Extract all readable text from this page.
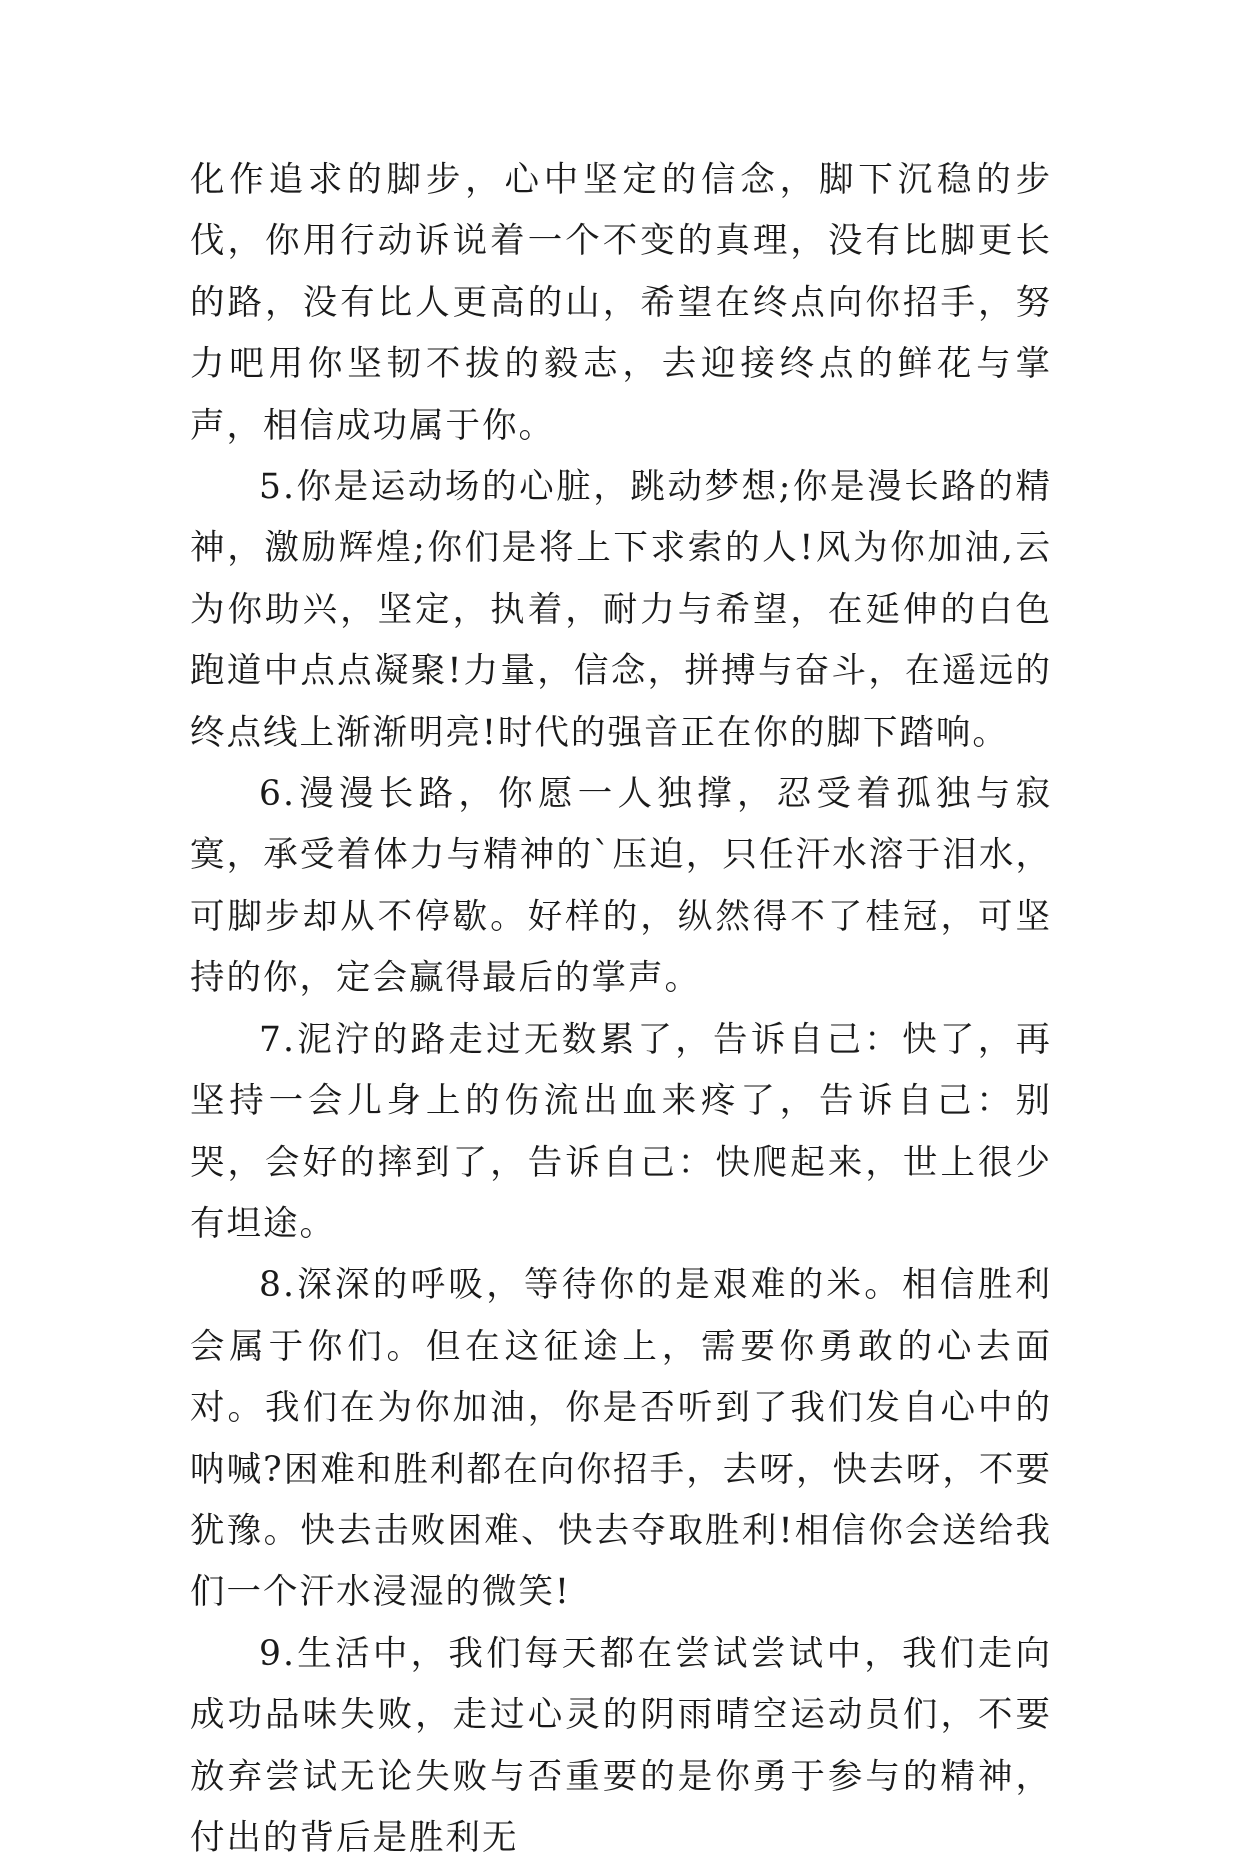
化作追求的脚步，心中坚定的信念，脚下沉稳的步伐，你用行动诉说着一个不变的真理，没有比脚更长的路，没有比人更高的山，希望在终点向你招手，努力吧用你坚韧不拔的毅志，去迎接终点的鲜花与掌声，相信成功属于你。

5.你是运动场的心脏，跳动梦想;你是漫长路的精神，激励辉煌;你们是将上下求索的人!风为你加油,云为你助兴，坚定，执着，耐力与希望，在延伸的白色跑道中点点凝聚!力量，信念，拼搏与奋斗，在遥远的终点线上渐渐明亮!时代的强音正在你的脚下踏响。

6.漫漫长路，你愿一人独撑，忍受着孤独与寂寞，承受着体力与精神的`压迫，只任汗水溶于泪水，可脚步却从不停歇。好样的，纵然得不了桂冠，可坚持的你，定会赢得最后的掌声。

7.泥泞的路走过无数累了，告诉自己：快了，再坚持一会儿身上的伤流出血来疼了，告诉自己：别哭，会好的摔到了，告诉自己：快爬起来，世上很少有坦途。

8.深深的呼吸，等待你的是艰难的米。相信胜利会属于你们。但在这征途上，需要你勇敢的心去面对。我们在为你加油，你是否听到了我们发自心中的呐喊?困难和胜利都在向你招手，去呀，快去呀，不要犹豫。快去击败困难、快去夺取胜利!相信你会送给我们一个汗水浸湿的微笑!

9.生活中，我们每天都在尝试尝试中，我们走向成功品味失败，走过心灵的阴雨晴空运动员们，不要放弃尝试无论失败与否重要的是你勇于参与的精神，付出的背后是胜利无
